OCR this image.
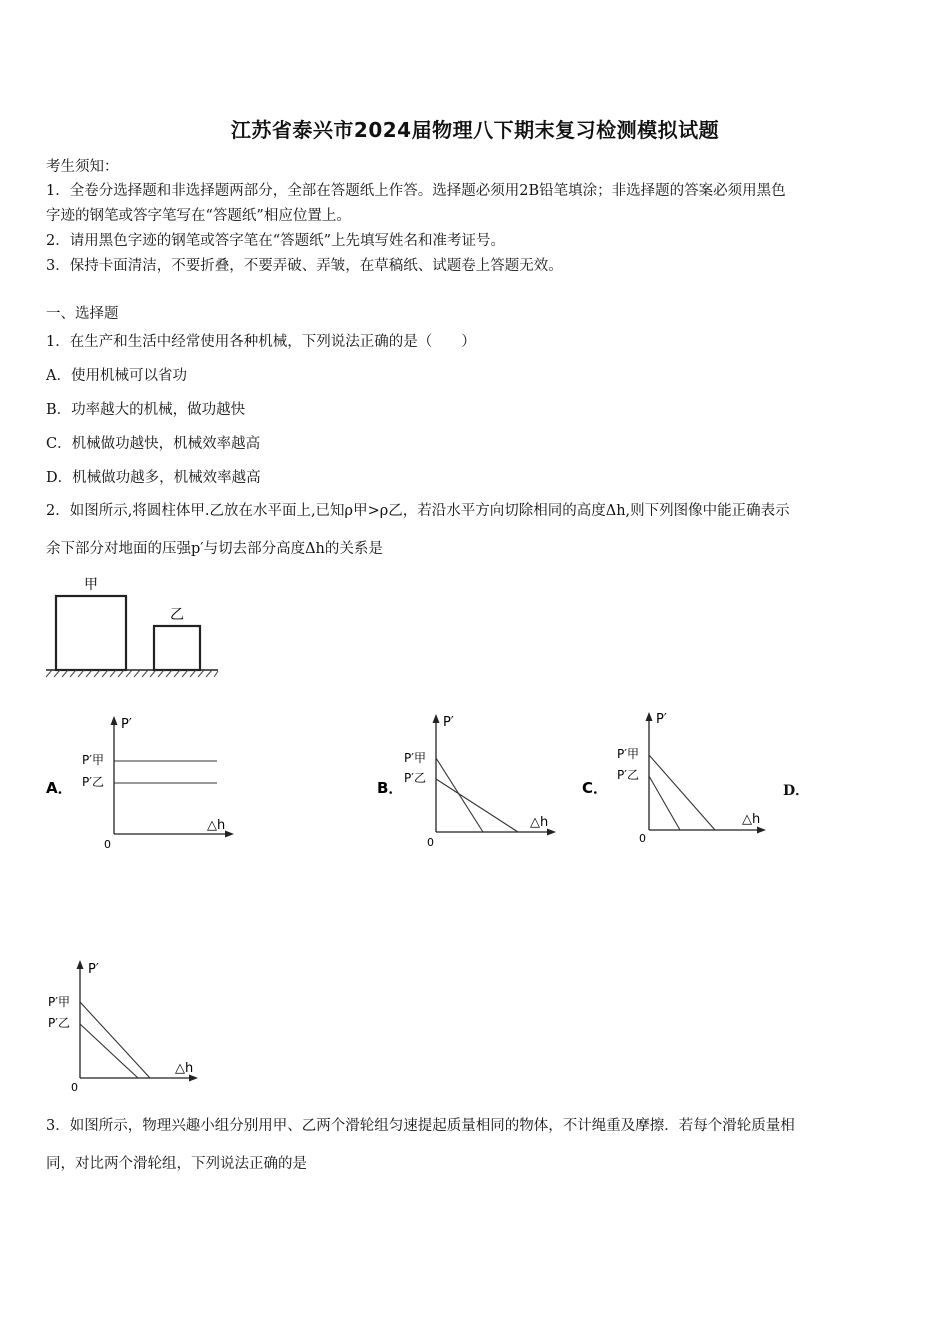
江苏省泰兴市2024届物理八下期末复习检测模拟试题
考生须知：
1．全卷分选择题和非选择题两部分，全部在答题纸上作答。选择题必须用2B铅笔填涂；非选择题的答案必须用黑色
字迹的钢笔或答字笔写在“答题纸”相应位置上。
2．请用黑色字迹的钢笔或答字笔在“答题纸”上先填写姓名和准考证号。
3．保持卡面清洁，不要折叠，不要弄破、弄皱，在草稿纸、试题卷上答题无效。
一、选择题
1．在生产和生活中经常使用各种机械，下列说法正确的是（　　）
A．使用机械可以省功
B．功率越大的机械，做功越快
C．机械做功越快，机械效率越高
D．机械做功越多，机械效率越高
2．如图所示,将圆柱体甲.乙放在水平面上,已知ρ甲>ρ乙，若沿水平方向切除相同的高度Δh,则下列图像中能正确表示
余下部分对地面的压强p′与切去部分高度Δh的关系是
甲
乙
A．
P′
△h
0
P′甲
P′乙	B．
P′
△h
0
P′甲
P′乙
C．
P′
△h
0
P′甲
P′乙
D．
P′
△h
0
P′甲
P′乙
3．如图所示，物理兴趣小组分别用甲、乙两个滑轮组匀速提起质量相同的物体，不计绳重及摩擦．若每个滑轮质量相
同，对比两个滑轮组，下列说法正确的是
